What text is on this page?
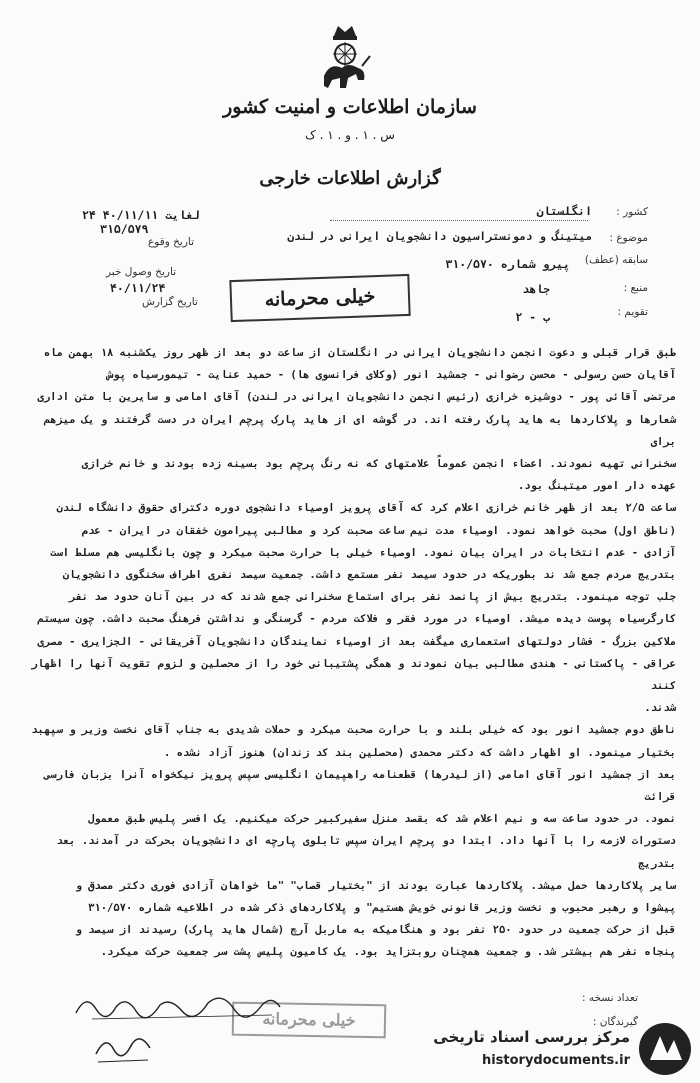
سازمان اطلاعات و امنیت کشور
س . ۱ . و . ۱ . ک
گزارش اطلاعات خارجی
کشور :
انگلستان
موضوع :
میتینگ و دمونستراسیون دانشجویان ایرانی در لندن
سابقه (عطف)
پیرو شماره ۳۱۰/۵۷۰
منبع :
جاهد
تقویم :
ب - ۲
۲۴ لغایت ۴۰/۱۱/۱۱
۳۱۵/۵۷۹
تاریخ وقوع
تاریخ وصول خبر
۴۰/۱۱/۲۴
تاریخ گزارش	خیلی محرمانه

طبق قرار قبلی و دعوت انجمن دانشجویان ایرانی در انگلستان از ساعت دو بعد از ظهر روز یکشنبه ۱۸ بهمن ماه

آقایان حسن رسولی - محسن رضوانی - جمشید انور (وکلای فرانسوی ها) - حمید عنایت - تیمورسیاه پوش

مرتضی آقائی پور - دوشیزه خرازی (رئیس انجمن دانشجویان ایرانی در لندن) آقای امامی و سایرین با متن اداری

شعارها و پلاکاردها به هاید پارک رفته اند. در گوشه ای از هاید پارک پرچم ایران در دست گرفتند و یک میزهم برای

سخنرانی تهیه نمودند. اعضاء انجمن عموماً علامتهای که نه رنگ پرچم بود بسینه زده بودند و خانم خرازی

عهده دار امور میتینگ بود.

ساعت ۲/۵ بعد از ظهر خانم خرازی اعلام کرد که آقای پرویز اوصیاء دانشجوی دوره دکترای حقوق دانشگاه لندن

(ناطق اول) صحبت خواهد نمود. اوصیاء مدت نیم ساعت صحبت کرد و مطالبی پیرامون خفقان در ایران - عدم

آزادی - عدم انتخابات در ایران بیان نمود. اوصیاء خیلی با حرارت صحبت میکرد و چون بانگلیسی هم مسلط است

بتدریج مردم جمع شد ند بطوریکه در حدود سیصد نفر مستمع داشت. جمعیت سیصد نفری اطراف سخنگوی دانشجویان

جلب توجه مینمود. بتدریج بیش از پانصد نفر برای استماع سخنرانی جمع شدند که در بین آنان حدود صد نفر

کارگرسیاه پوست دیده میشد. اوصیاء در مورد فقر و فلاکت مردم - گرسنگی و نداشتن فرهنگ صحبت داشت. چون سیستم

ملاکین بزرگ - فشار دولتهای استعماری میگفت بعد از اوصیاء نمایندگان دانشجویان آفریقائی - الجزایری - مصری

عراقی - پاکستانی - هندی مطالبی بیان نمودند و همگی پشتیبانی خود را از محصلین و لزوم تقویت آنها را اظهار کنند

شدند.

ناطق دوم جمشید انور بود که خیلی بلند و با حرارت صحبت میکرد و حملات شدیدی به جناب آقای نخست وزیر و سپهبد

بختیار مینمود. او اظهار داشت که دکتر محمدی (محصلین بند کد زندان) هنوز آزاد نشده .

بعد از جمشید انور آقای امامی (از لیدرها) قطعنامه راهپیمان انگلیسی سپس پرویز نیکخواه آنرا بزبان فارسی قرائت

نمود. در حدود ساعت سه و نیم اعلام شد که بقصد منزل سفیرکبیر حرکت میکنیم. یک افسر پلیس طبق معمول

دستورات لازمه را با آنها داد. ابتدا دو پرچم ایران سپس تابلوی پارچه ای دانشجویان بحرکت در آمدند. بعد بتدریج

سایر پلاکاردها حمل میشد. پلاکاردها عبارت بودند از "بختیار قصاب" "ما خواهان آزادی فوری دکتر مصدق و

پیشوا و رهبر محبوب و نخست وزیر قانونی خویش هستیم" و پلاکاردهای ذکر شده در اطلاعیه شماره ۳۱۰/۵۷۰

قبل از حرکت جمعیت در حدود ۲۵۰ نفر بود و هنگامیکه به ماربل آرچ (شمال هاید پارک) رسیدند از سیصد و

پنجاه نفر هم بیشتر شد. و جمعیت همچنان روبتزاید بود. یک کامیون پلیس پشت سر جمعیت حرکت میکرد.

تعداد نسخه :
گیرندگان :
خیلی محرمانه
مرکز بررسی اسناد تاریخی
historydocuments.ir
